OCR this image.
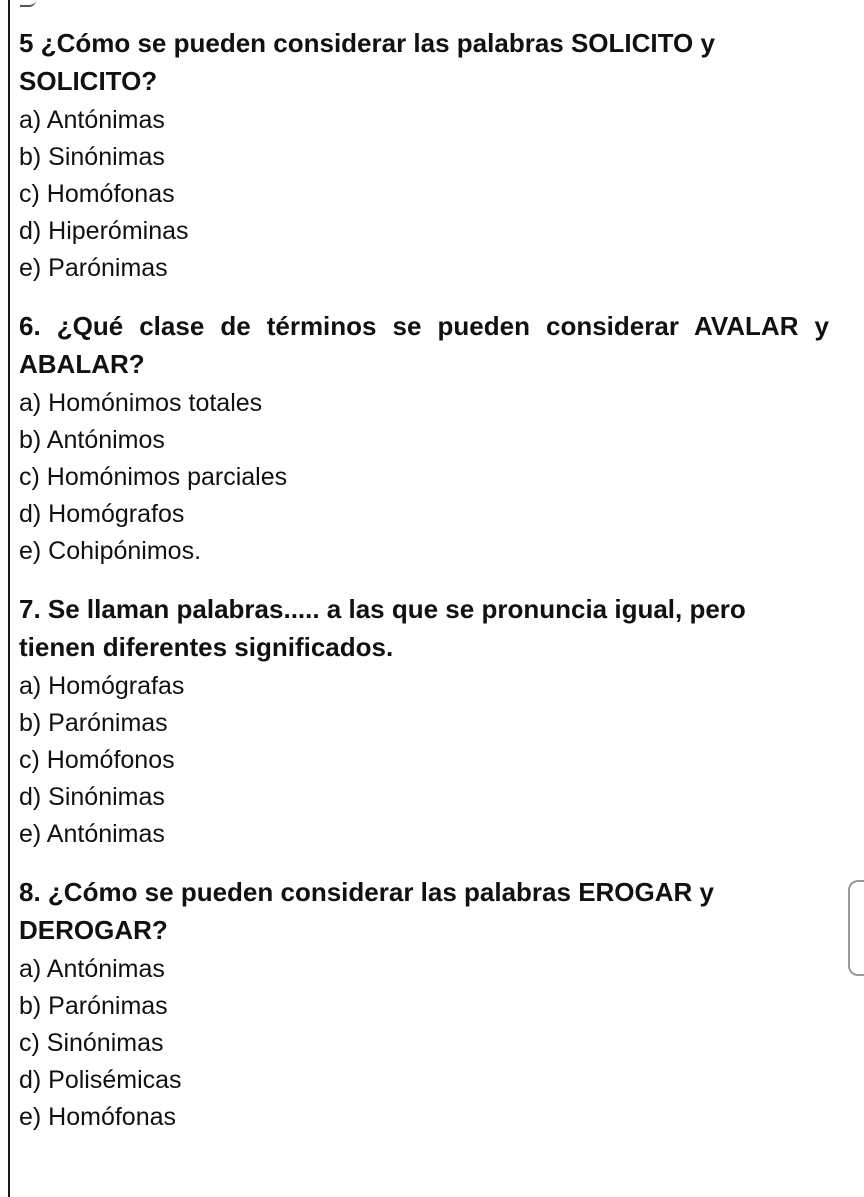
5 ¿Cómo se pueden considerar las palabras SOLICITO y SOLICITO?

a) Antónimas

b) Sinónimas

c) Homófonas

d) Hiperóminas

e) Parónimas

6. ¿Qué clase de términos se pueden considerar AVALAR y ABALAR?

a) Homónimos totales

b) Antónimos

c) Homónimos parciales

d) Homógrafos

e) Cohipónimos.

7. Se llaman palabras..... a las que se pronuncia igual, pero tienen diferentes significados.

a) Homógrafas

b) Parónimas

c) Homófonos

d) Sinónimas

e) Antónimas

8. ¿Cómo se pueden considerar las palabras EROGAR y DEROGAR?

a) Antónimas

b) Parónimas

c) Sinónimas

d) Polisémicas

e) Homófonas
